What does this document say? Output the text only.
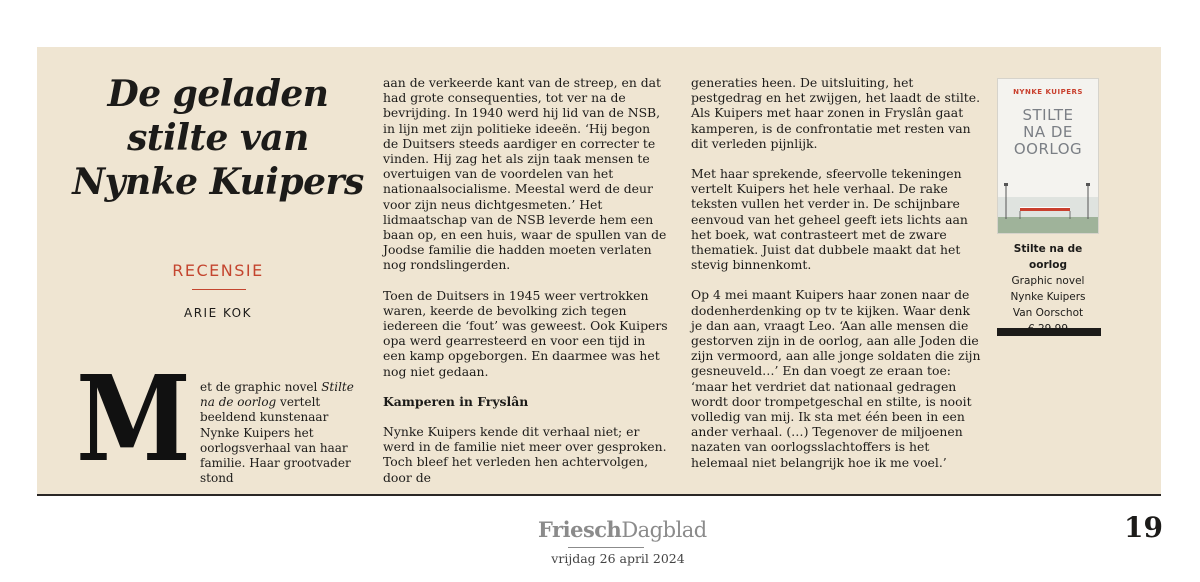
De geladen
stilte van
Nynke Kuipers
RECENSIE
ARIE KOK
M et de graphic novel Stilte na de oorlog vertelt beeldend kunstenaar Nynke Kuipers het oorlogsverhaal van haar familie. Haar grootvader stond
aan de verkeerde kant van de streep, en dat had grote consequenties, tot ver na de bevrijding. In 1940 werd hij lid van de NSB, in lijn met zijn politieke ideeën. ‘Hij begon de Duitsers steeds aardiger en correcter te vinden. Hij zag het als zijn taak mensen te overtuigen van de voordelen van het nationaalsocialisme. Meestal werd de deur voor zijn neus dichtgesmeten.’ Het lidmaatschap van de NSB leverde hem een baan op, en een huis, waar de spullen van de Joodse familie die hadden moeten verlaten nog rondslingerden.
Toen de Duitsers in 1945 weer vertrokken waren, keerde de bevolking zich tegen iedereen die ‘fout’ was geweest. Ook Kuipers opa werd gearresteerd en voor een tijd in een kamp opgeborgen. En daarmee was het nog niet gedaan.
Kamperen in Fryslân
Nynke Kuipers kende dit verhaal niet; er werd in de familie niet meer over gesproken. Toch bleef het verleden hen achtervolgen, door de
generaties heen. De uitsluiting, het pestgedrag en het zwijgen, het laadt de stilte. Als Kuipers met haar zonen in Fryslân gaat kamperen, is de confrontatie met resten van dit verleden pijnlijk.
Met haar sprekende, sfeervolle tekeningen vertelt Kuipers het hele verhaal. De rake teksten vullen het verder in. De schijnbare eenvoud van het geheel geeft iets lichts aan het boek, wat contrasteert met de zware thematiek. Juist dat dubbele maakt dat het stevig binnenkomt.
Op 4 mei maant Kuipers haar zonen naar de dodenherdenking op tv te kijken. Waar denk je dan aan, vraagt Leo. ‘Aan alle mensen die gestorven zijn in de oorlog, aan alle Joden die zijn vermoord, aan alle jonge soldaten die zijn gesneuveld…’ En dan voegt ze eraan toe: ‘maar het verdriet dat nationaal gedragen wordt door trompetgeschal en stilte, is nooit volledig van mij. Ik sta met één been in een ander verhaal. (…) Tegenover de miljoenen nazaten van oorlogsslachtoffers is het helemaal niet belangrijk hoe ik me voel.’
NYNKE KUIPERS
STILTE
NA DE
OORLOG
Stilte na de oorlog
Graphic novel
Nynke Kuipers
Van Oorschot
FrieschDagblad
vrijdag 26 april 2024
19
